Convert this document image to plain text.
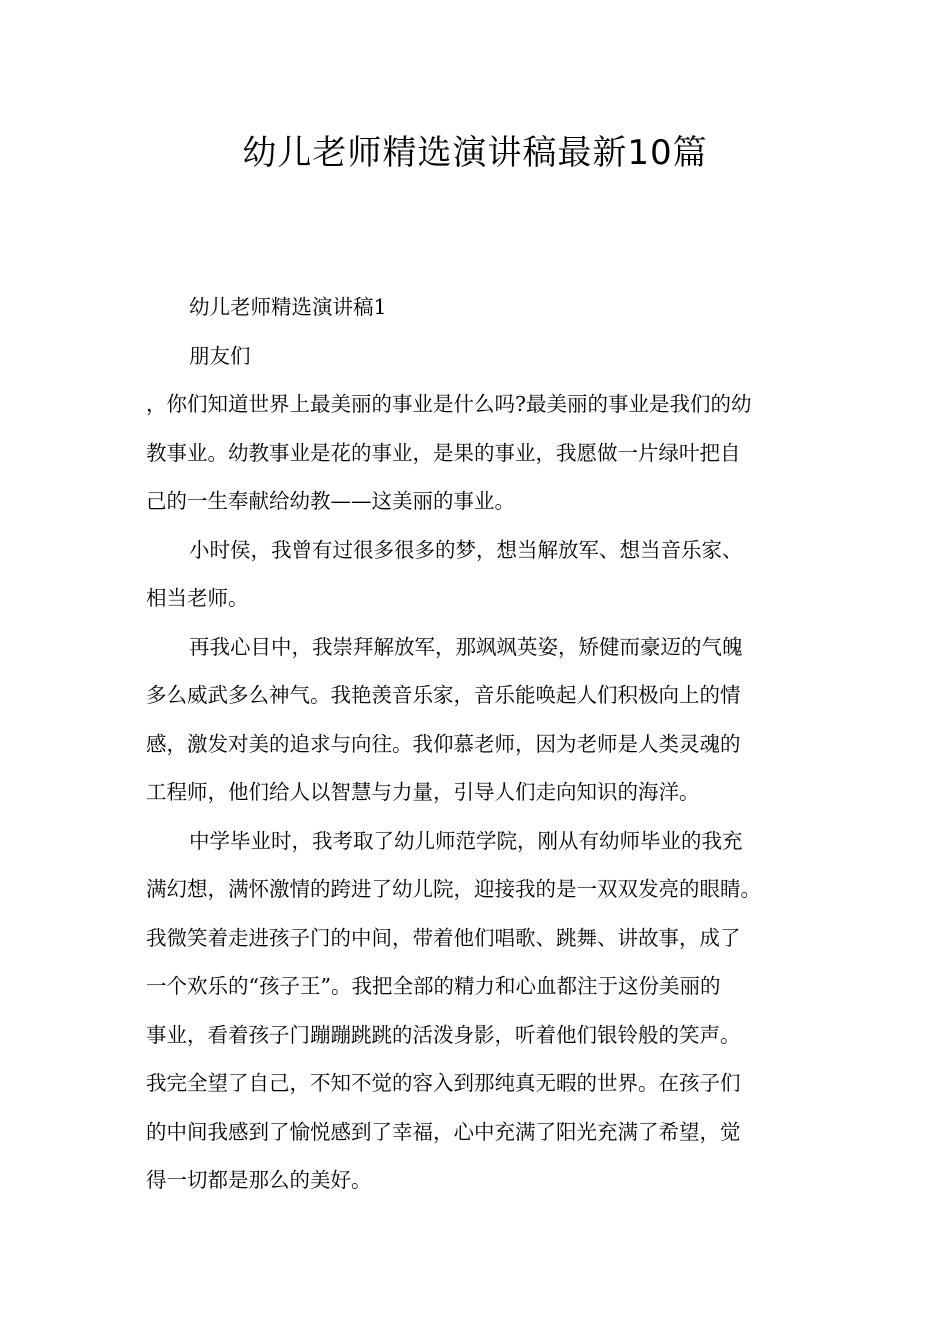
幼儿老师精选演讲稿最新10篇

幼儿老师精选演讲稿1

朋友们

，你们知道世界上最美丽的事业是什么吗?最美丽的事业是我们的幼
教事业。幼教事业是花的事业，是果的事业，我愿做一片绿叶把自
己的一生奉献给幼教——这美丽的事业。

小时侯，我曾有过很多很多的梦，想当解放军、想当音乐家、
相当老师。

再我心目中，我崇拜解放军，那飒飒英姿，矫健而豪迈的气魄
多么威武多么神气。我艳羡音乐家，音乐能唤起人们积极向上的情
感，激发对美的追求与向往。我仰慕老师，因为老师是人类灵魂的
工程师，他们给人以智慧与力量，引导人们走向知识的海洋。

中学毕业时，我考取了幼儿师范学院，刚从有幼师毕业的我充
满幻想，满怀激情的跨进了幼儿院，迎接我的是一双双发亮的眼睛。
我微笑着走进孩子门的中间，带着他们唱歌、跳舞、讲故事，成了
一个欢乐的“孩子王”。我把全部的精力和心血都注于这份美丽的
事业，看着孩子门蹦蹦跳跳的活泼身影，听着他们银铃般的笑声。
我完全望了自己，不知不觉的容入到那纯真无暇的世界。在孩子们
的中间我感到了愉悦感到了幸福，心中充满了阳光充满了希望，觉
得一切都是那么的美好。
